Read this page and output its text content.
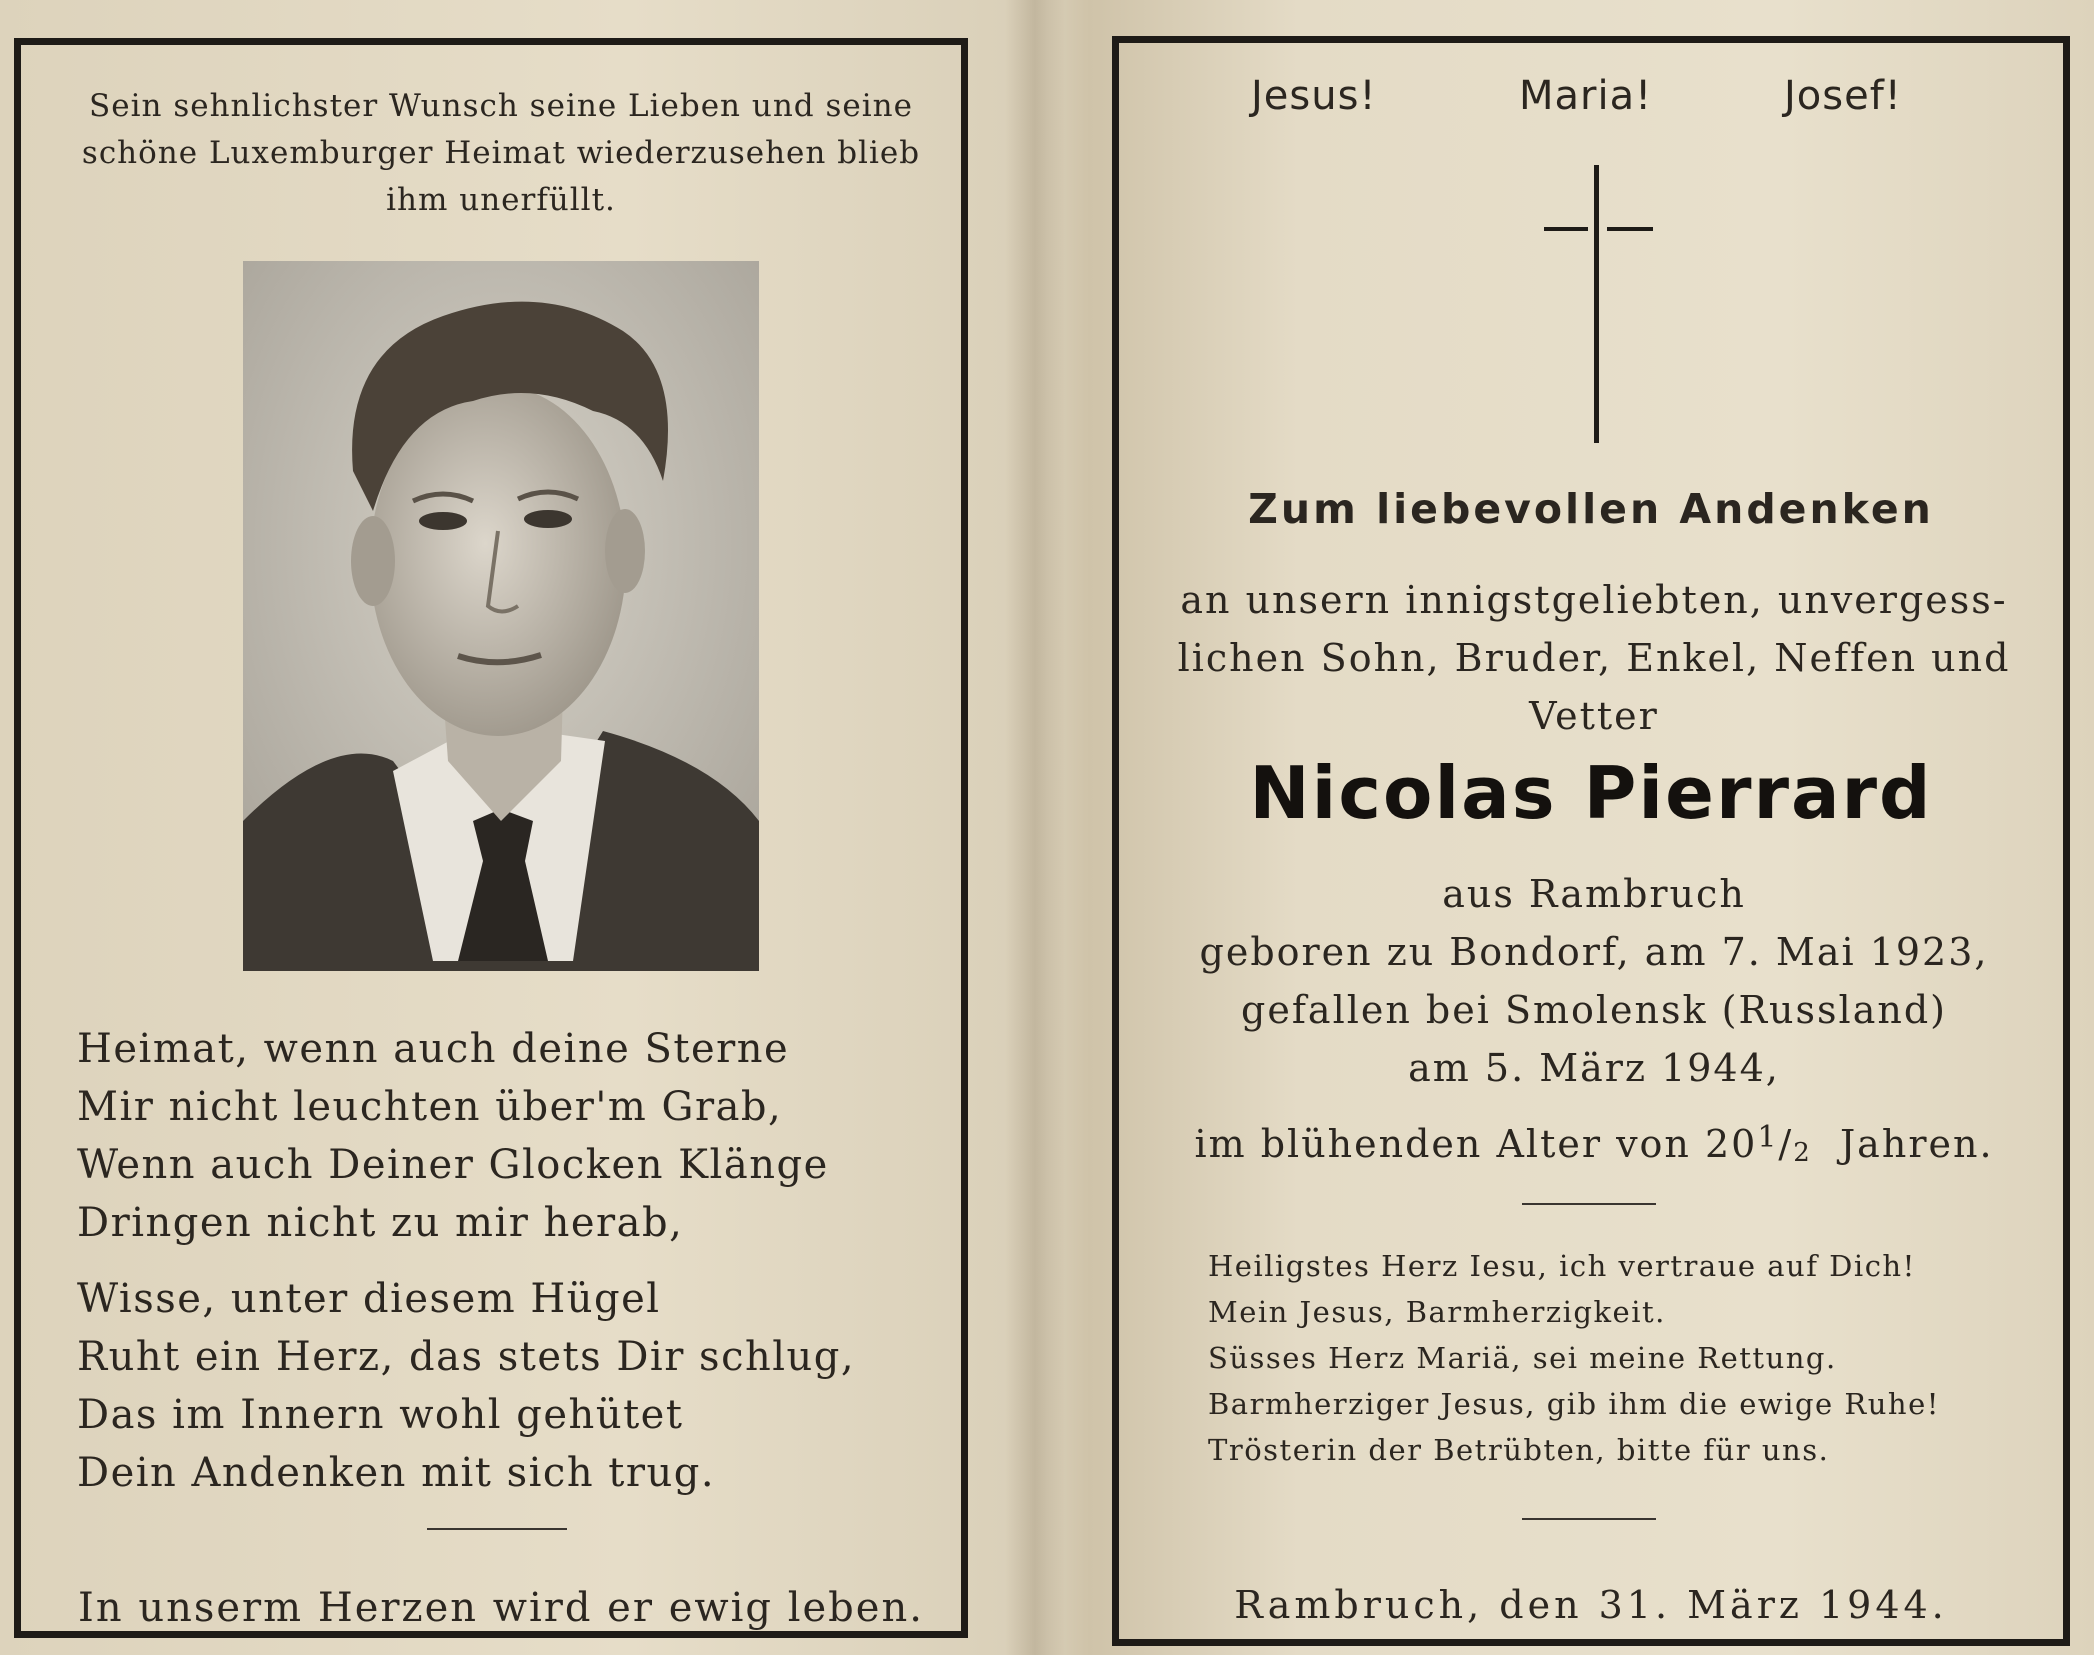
Sein sehnlichster Wunsch seine Lieben und seine schöne Luxemburger Heimat wiederzusehen blieb ihm unerfüllt.
Heimat, wenn auch deine Sterne
Mir nicht leuchten über'm Grab,
Wenn auch Deiner Glocken Klänge
Dringen nicht zu mir herab,
Wisse, unter diesem Hügel
Ruht ein Herz, das stets Dir schlug,
Das im Innern wohl gehütet
Dein Andenken mit sich trug.
In unserm Herzen wird er ewig leben.
Jesus!	Maria!	Josef!
Zum liebevollen Andenken
an unsern innigstgeliebten, unvergess- lichen Sohn, Bruder, Enkel, Neffen und Vetter
Nicolas Pierrard
aus Rambruch
geboren zu Bondorf, am 7. Mai 1923,
gefallen bei Smolensk (Russland)
am 5. März 1944,
im blühenden Alter von $20^1/2$ Jahren.
Heiligstes Herz Iesu, ich vertraue auf Dich!
Mein Jesus, Barmherzigkeit.
Süsses Herz Mariä, sei meine Rettung.
Barmherziger Jesus, gib ihm die ewige Ruhe!
Trösterin der Betrübten, bitte für uns.
Rambruch, den 31. März 1944.
